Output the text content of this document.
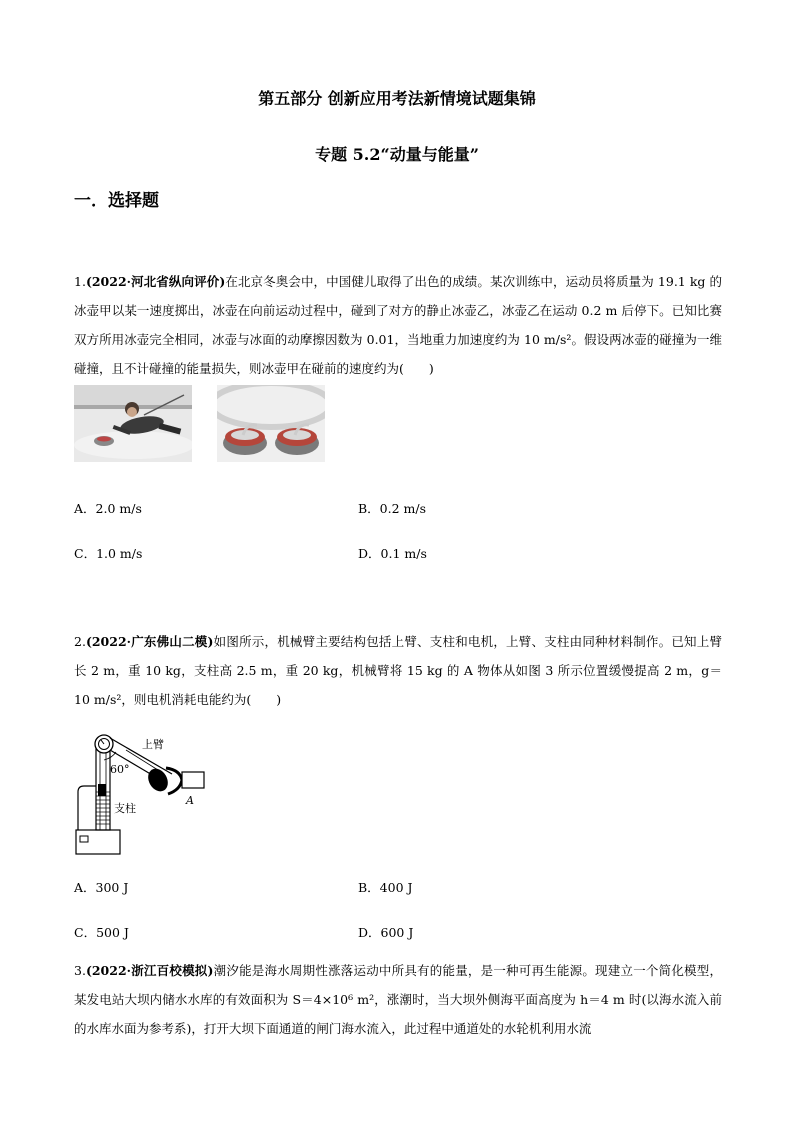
第五部分 创新应用考法新情境试题集锦
专题 5.2“动量与能量”
一．选择题
1.(2022·河北省纵向评价)在北京冬奥会中，中国健儿取得了出色的成绩。某次训练中，运动员将质量为 19.1 kg 的冰壶甲以某一速度掷出，冰壶在向前运动过程中，碰到了对方的静止冰壶乙，冰壶乙在运动 0.2 m 后停下。已知比赛双方所用冰壶完全相同，冰壶与冰面的动摩擦因数为 0.01，当地重力加速度约为 10 m/s²。假设两冰壶的碰撞为一维碰撞，且不计碰撞的能量损失，则冰壶甲在碰前的速度约为(　　)
A．2.0 m/s	B．0.2 m/s
C．1.0 m/s	D．0.1 m/s
2.(2022·广东佛山二模)如图所示，机械臂主要结构包括上臂、支柱和电机，上臂、支柱由同种材料制作。已知上臂长 2 m，重 10 kg，支柱高 2.5 m，重 20 kg，机械臂将 15 kg 的 A 物体从如图 3 所示位置缓慢提高 2 m，g＝10 m/s²，则电机消耗电能约为(　　)
60°
上臂
支柱
A
A．300 J	B．400 J
C．500 J	D．600 J
3.(2022·浙江百校模拟)潮汐能是海水周期性涨落运动中所具有的能量，是一种可再生能源。现建立一个简化模型，某发电站大坝内储水水库的有效面积为 S＝4×10⁶ m²，涨潮时，当大坝外侧海平面高度为 h＝4 m 时(以海水流入前的水库水面为参考系)，打开大坝下面通道的闸门海水流入，此过程中通道处的水轮机利用水流
